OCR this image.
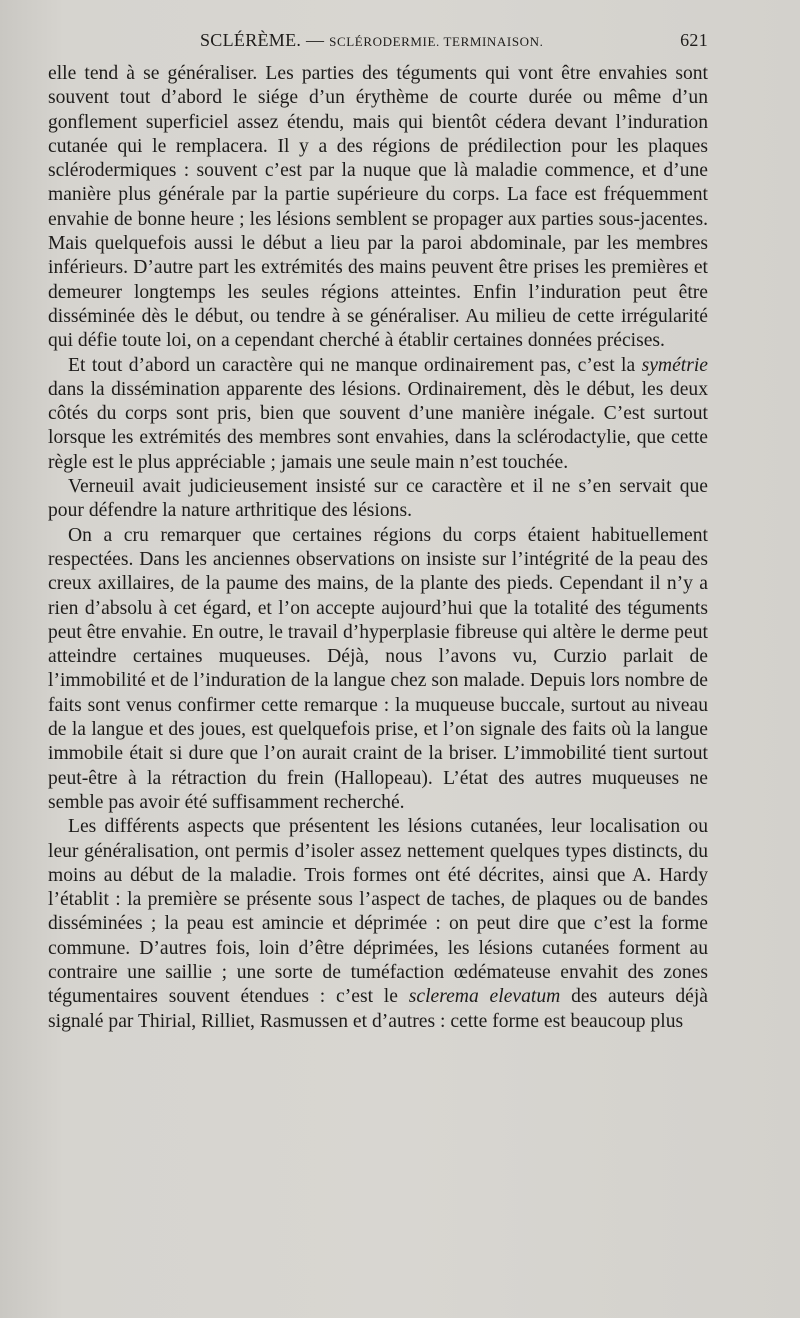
SCLÉRÈME. — SCLÉRODERMIE. TERMINAISON.	621

elle tend à se généraliser. Les parties des téguments qui vont être envahies sont souvent tout d’abord le siége d’un érythème de courte durée ou même d’un gonflement superficiel assez étendu, mais qui bientôt cédera devant l’induration cutanée qui le remplacera. Il y a des régions de prédilection pour les plaques sclérodermiques : souvent c’est par la nuque que là maladie commence, et d’une manière plus générale par la partie supérieure du corps. La face est fréquemment envahie de bonne heure ; les lésions semblent se propager aux parties sous-jacentes. Mais quelquefois aussi le début a lieu par la paroi abdominale, par les membres inférieurs. D’autre part les extrémités des mains peuvent être prises les premières et demeurer longtemps les seules régions atteintes. Enfin l’induration peut être disséminée dès le début, ou tendre à se généraliser. Au milieu de cette irrégularité qui défie toute loi, on a cependant cherché à établir certaines données précises.

Et tout d’abord un caractère qui ne manque ordinairement pas, c’est la symétrie dans la dissémination apparente des lésions. Ordinairement, dès le début, les deux côtés du corps sont pris, bien que souvent d’une manière inégale. C’est surtout lorsque les extrémités des membres sont envahies, dans la sclérodactylie, que cette règle est le plus appréciable ; jamais une seule main n’est touchée.

Verneuil avait judicieusement insisté sur ce caractère et il ne s’en servait que pour défendre la nature arthritique des lésions.

On a cru remarquer que certaines régions du corps étaient habituellement respectées. Dans les anciennes observations on insiste sur l’intégrité de la peau des creux axillaires, de la paume des mains, de la plante des pieds. Cependant il n’y a rien d’absolu à cet égard, et l’on accepte aujourd’hui que la totalité des téguments peut être envahie. En outre, le travail d’hyperplasie fibreuse qui altère le derme peut atteindre certaines muqueuses. Déjà, nous l’avons vu, Curzio parlait de l’immobilité et de l’induration de la langue chez son malade. Depuis lors nombre de faits sont venus confirmer cette remarque : la muqueuse buccale, surtout au niveau de la langue et des joues, est quelquefois prise, et l’on signale des faits où la langue immobile était si dure que l’on aurait craint de la briser. L’immobilité tient surtout peut-être à la rétraction du frein (Hallopeau). L’état des autres muqueuses ne semble pas avoir été suffisamment recherché.

Les différents aspects que présentent les lésions cutanées, leur localisation ou leur généralisation, ont permis d’isoler assez nettement quelques types distincts, du moins au début de la maladie. Trois formes ont été décrites, ainsi que A. Hardy l’établit : la première se présente sous l’aspect de taches, de plaques ou de bandes disséminées ; la peau est amincie et déprimée : on peut dire que c’est la forme commune. D’autres fois, loin d’être déprimées, les lésions cutanées forment au contraire une saillie ; une sorte de tuméfaction œdémateuse envahit des zones tégumentaires souvent étendues : c’est le sclerema elevatum des auteurs déjà signalé par Thirial, Rilliet, Rasmussen et d’autres : cette forme est beaucoup plus
